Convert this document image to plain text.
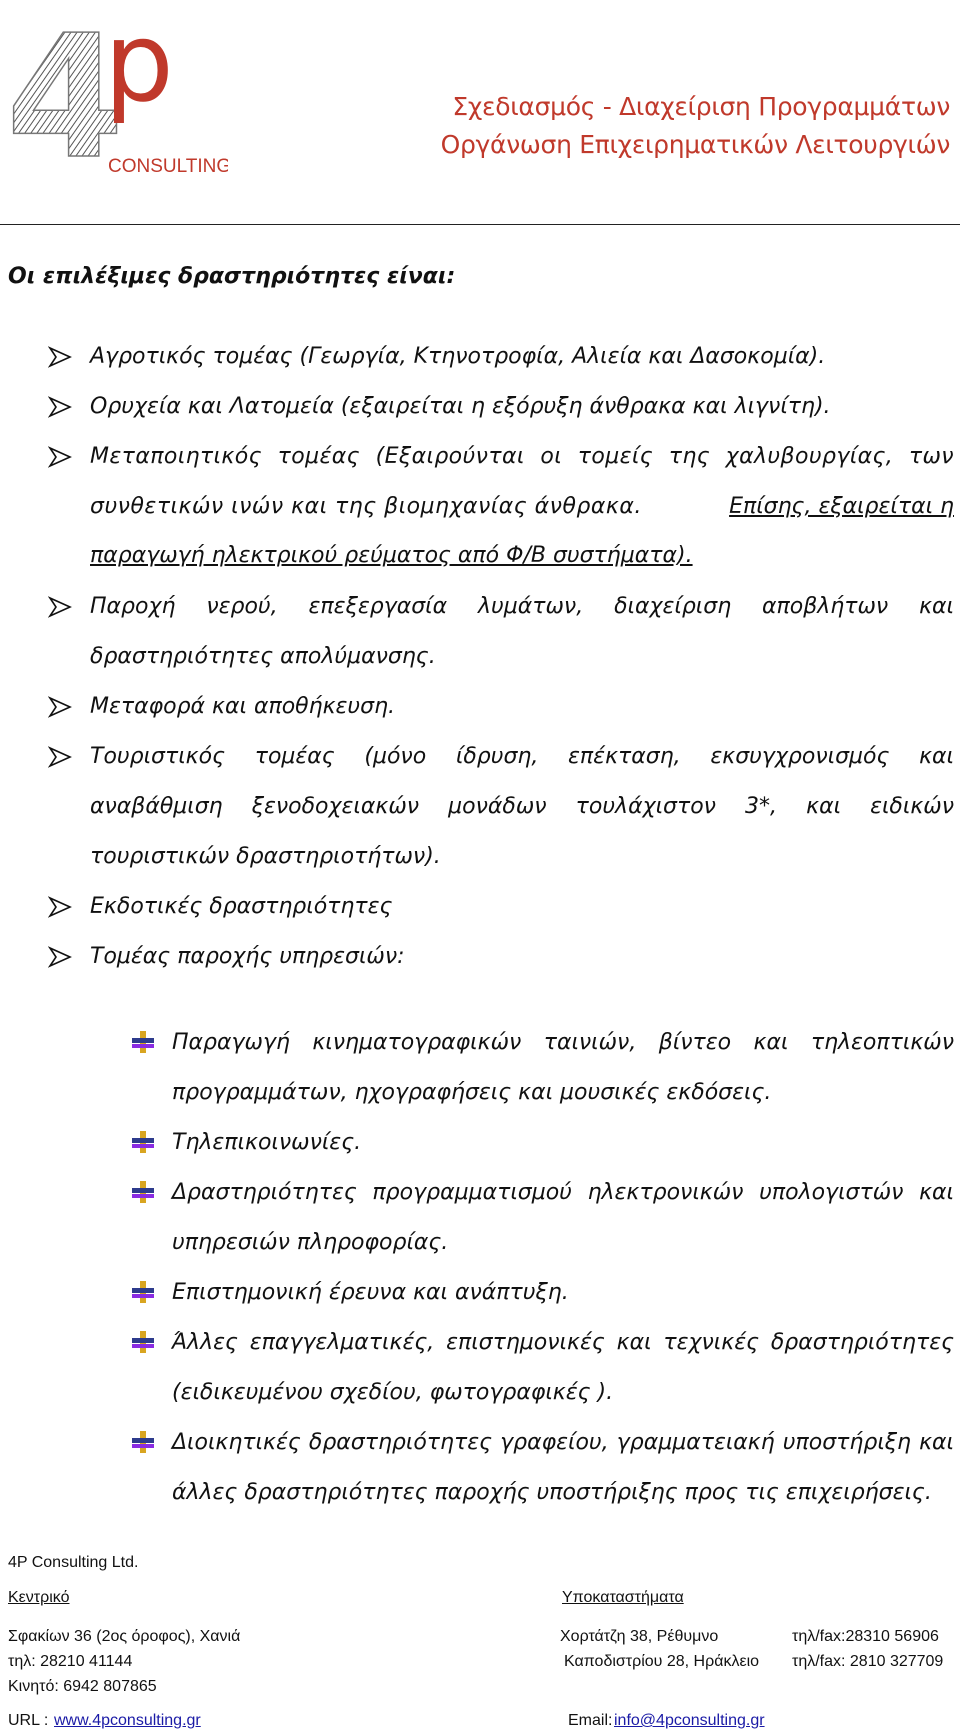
4
p
CONSULTING
Σχεδιασμός - Διαχείριση Προγραμμάτων
Οργάνωση Επιχειρηματικών Λειτουργιών
Οι επιλέξιμες δραστηριότητες είναι:
Αγροτικός τομέας (Γεωργία, Κτηνοτροφία, Αλιεία και Δασοκομία).
Ορυχεία και Λατομεία (εξαιρείται η εξόρυξη άνθρακα και λιγνίτη).
Μεταποιητικός τομέας (Εξαιρούνται οι τομείς της χαλυβουργίας, των
συνθετικών ινών και της βιομηχανίας άνθρακα.	Επίσης, εξαιρείται η
παραγωγή ηλεκτρικού ρεύματος από Φ/Β συστήματα).
Παροχή νερού, επεξεργασία λυμάτων, διαχείριση αποβλήτων και
δραστηριότητες απολύμανσης.
Μεταφορά και αποθήκευση.
Τουριστικός τομέας (μόνο ίδρυση, επέκταση, εκσυγχρονισμός και
αναβάθμιση ξενοδοχειακών μονάδων τουλάχιστον 3*, και ειδικών
τουριστικών δραστηριοτήτων).
Εκδοτικές δραστηριότητες
Τομέας παροχής υπηρεσιών:
Παραγωγή κινηματογραφικών ταινιών, βίντεο και τηλεοπτικών
προγραμμάτων, ηχογραφήσεις και μουσικές εκδόσεις.
Τηλεπικοινωνίες.
Δραστηριότητες προγραμματισμού ηλεκτρονικών υπολογιστών και
υπηρεσιών πληροφορίας.
Επιστημονική έρευνα και ανάπτυξη.
Άλλες επαγγελματικές, επιστημονικές και τεχνικές δραστηριότητες
(ειδικευμένου σχεδίου, φωτογραφικές ).
Διοικητικές δραστηριότητες γραφείου, γραμματειακή υποστήριξη και
άλλες δραστηριότητες παροχής υποστήριξης προς τις επιχειρήσεις.
4P Consulting Ltd.
Κεντρικό	Υποκαταστήματα
Σφακίων 36 (2ος όροφος), Χανιά
τηλ: 28210 41144
Κινητό: 6942 807865
Χορτάτζη 38, Ρέθυμνο	τηλ/fax:28310 56906
Καποδιστρίου 28, Ηράκλειο τηλ/fax: 2810 327709
URL : www.4pconsulting.gr	Email: info@4pconsulting.gr
